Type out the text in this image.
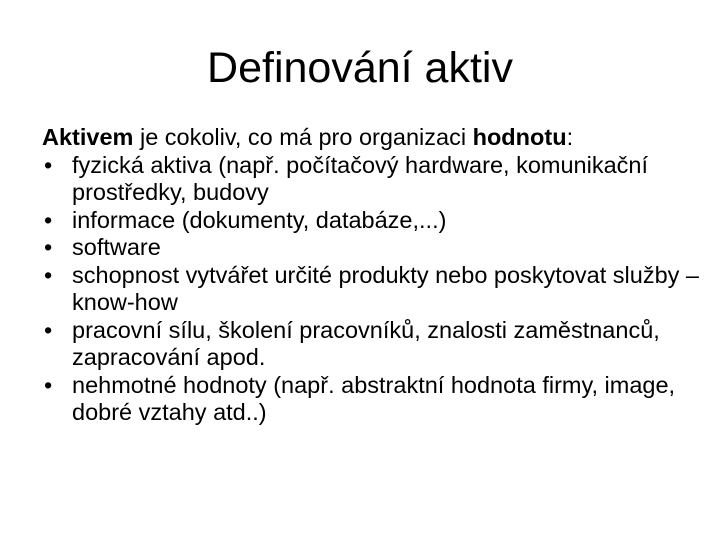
Definování aktiv

Aktivem je cokoliv, co má pro organizaci hodnotu:

• fyzická aktiva (např. počítačový hardware, komunikační prostředky, budovy
• informace (dokumenty, databáze,...)
• software
• schopnost vytvářet určité produkty nebo poskytovat služby – know-how
• pracovní sílu, školení pracovníků, znalosti zaměstnanců, zapracování apod.
• nehmotné hodnoty (např. abstraktní hodnota firmy, image, dobré vztahy atd..)
